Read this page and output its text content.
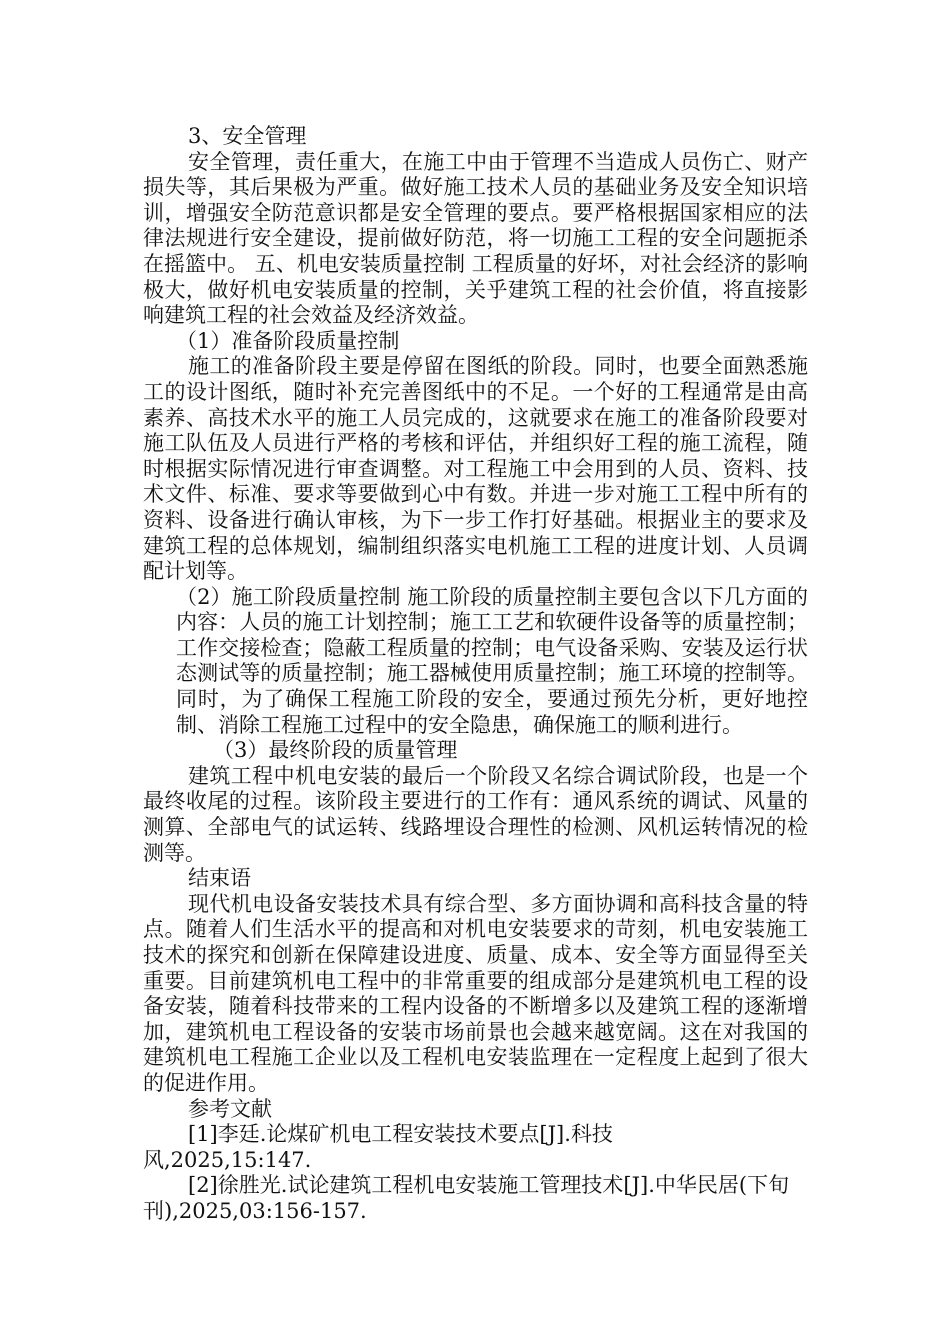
3、安全管理

安全管理，责任重大，在施工中由于管理不当造成人员伤亡、财产损失等，其后果极为严重。做好施工技术人员的基础业务及安全知识培训，增强安全防范意识都是安全管理的要点。要严格根据国家相应的法律法规进行安全建设，提前做好防范，将一切施工工程的安全问题扼杀在摇篮中。 五、机电安装质量控制 工程质量的好坏，对社会经济的影响极大，做好机电安装质量的控制，关乎建筑工程的社会价值，将直接影响建筑工程的社会效益及经济效益。

（1）准备阶段质量控制

施工的准备阶段主要是停留在图纸的阶段。同时，也要全面熟悉施工的设计图纸，随时补充完善图纸中的不足。一个好的工程通常是由高素养、高技术水平的施工人员完成的，这就要求在施工的准备阶段要对施工队伍及人员进行严格的考核和评估，并组织好工程的施工流程，随时根据实际情况进行审查调整。对工程施工中会用到的人员、资料、技术文件、标准、要求等要做到心中有数。并进一步对施工工程中所有的资料、设备进行确认审核，为下一步工作打好基础。根据业主的要求及建筑工程的总体规划，编制组织落实电机施工工程的进度计划、人员调配计划等。

（2）施工阶段质量控制 施工阶段的质量控制主要包含以下几方面的内容：人员的施工计划控制；施工工艺和软硬件设备等的质量控制；工作交接检查；隐蔽工程质量的控制；电气设备采购、安装及运行状态测试等的质量控制；施工器械使用质量控制；施工环境的控制等。 同时，为了确保工程施工阶段的安全，要通过预先分析，更好地控制、消除工程施工过程中的安全隐患，确保施工的顺利进行。

（3）最终阶段的质量管理

建筑工程中机电安装的最后一个阶段又名综合调试阶段，也是一个最终收尾的过程。该阶段主要进行的工作有：通风系统的调试、风量的测算、全部电气的试运转、线路埋设合理性的检测、风机运转情况的检测等。

结束语

现代机电设备安装技术具有综合型、多方面协调和高科技含量的特点。随着人们生活水平的提高和对机电安装要求的苛刻，机电安装施工技术的探究和创新在保障建设进度、质量、成本、安全等方面显得至关重要。目前建筑机电工程中的非常重要的组成部分是建筑机电工程的设备安装，随着科技带来的工程内设备的不断增多以及建筑工程的逐渐增加，建筑机电工程设备的安装市场前景也会越来越宽阔。这在对我国的建筑机电工程施工企业以及工程机电安装监理在一定程度上起到了很大的促进作用。

参考文献

[1]李廷.论煤矿机电工程安装技术要点[J].科技风,2025,15:147.

[2]徐胜光.试论建筑工程机电安装施工管理技术[J].中华民居(下旬刊),2025,03:156-157.
